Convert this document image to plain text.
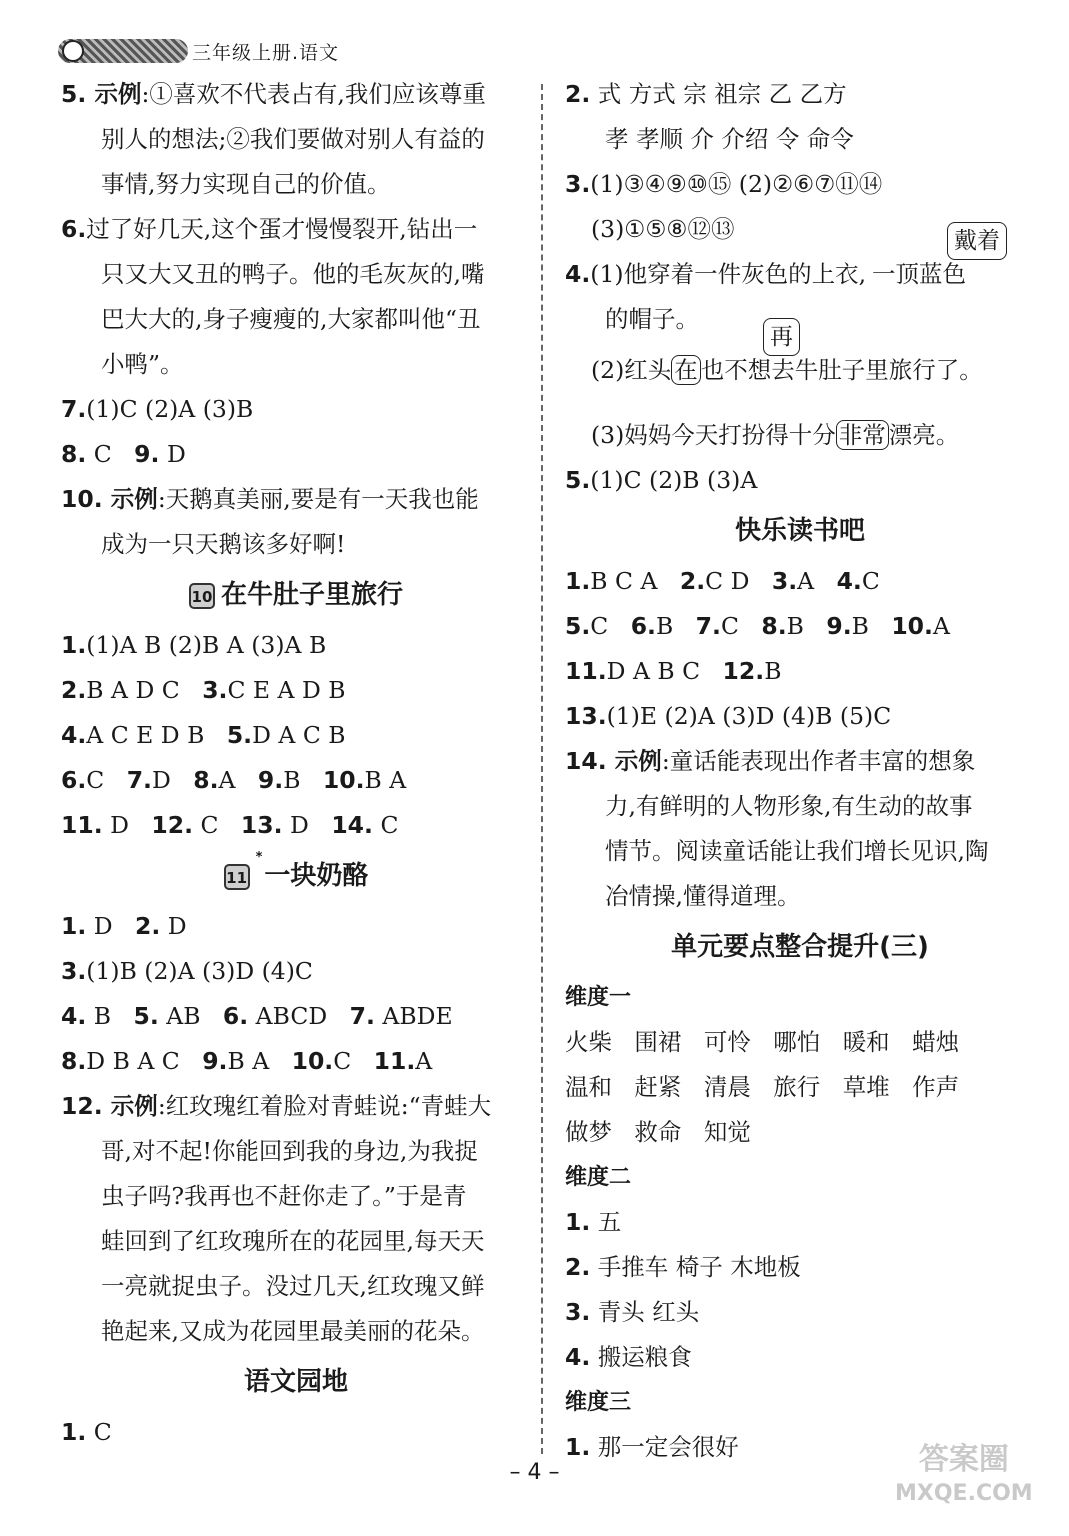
三年级上册.语文
5. 示例:①喜欢不代表占有,我们应该尊重
别人的想法;②我们要做对别人有益的
事情,努力实现自己的价值。
6.过了好几天,这个蛋才慢慢裂开,钻出一
只又大又丑的鸭子。他的毛灰灰的,嘴
巴大大的,身子瘦瘦的,大家都叫他“丑
小鸭”。
7.(1)C (2)A (3)B
8. C 9. D
10. 示例:天鹅真美丽,要是有一天我也能
成为一只天鹅该多好啊!
10 在牛肚子里旅行
1.(1)A B (2)B A (3)A B
2.B A D C 3.C E A D B
4.A C E D B 5.D A C B
6.C 7.D 8.A 9.B 10.B A
11. D 12. C 13. D 14. C
11*一块奶酪
1. D 2. D
3.(1)B (2)A (3)D (4)C
4. B 5. AB 6. ABCD 7. ABDE
8.D B A C 9.B A 10.C 11.A
12. 示例:红玫瑰红着脸对青蛙说:“青蛙大
哥,对不起!你能回到我的身边,为我捉
虫子吗?我再也不赶你走了。”于是青
蛙回到了红玫瑰所在的花园里,每天天
一亮就捉虫子。没过几天,红玫瑰又鲜
艳起来,又成为花园里最美丽的花朵。
语文园地
1. C
2. 式 方式 宗 祖宗 乙 乙方
孝 孝顺 介 介绍 令 命令
3.(1)③④⑨⑩⑮ (2)②⑥⑦⑪⑭
(3)①⑤⑧⑫⑬
4.(1)他穿着一件灰色的上衣, 一顶蓝色
戴着
的帽子。
(2)红头 在 也不想去牛肚子里旅行了。
再
(3)妈妈今天打扮得十分 非常 漂亮。
5.(1)C (2)B (3)A
快乐读书吧
1.B C A 2.C D 3.A 4.C
5.C 6.B 7.C 8.B 9.B 10.A
11.D A B C 12.B
13.(1)E (2)A (3)D (4)B (5)C
14. 示例:童话能表现出作者丰富的想象
力,有鲜明的人物形象,有生动的故事
情节。阅读童话能让我们增长见识,陶
冶情操,懂得道理。
单元要点整合提升(三)
维度一
火柴 围裙 可怜 哪怕 暖和 蜡烛
温和 赶紧 清晨 旅行 草堆 作声
做梦 救命 知觉
维度二
1. 五
2. 手推车 椅子 木地板
3. 青头 红头
4. 搬运粮食
维度三
1. 那一定会很好
– 4 –	答案圈
MXQE.COM
